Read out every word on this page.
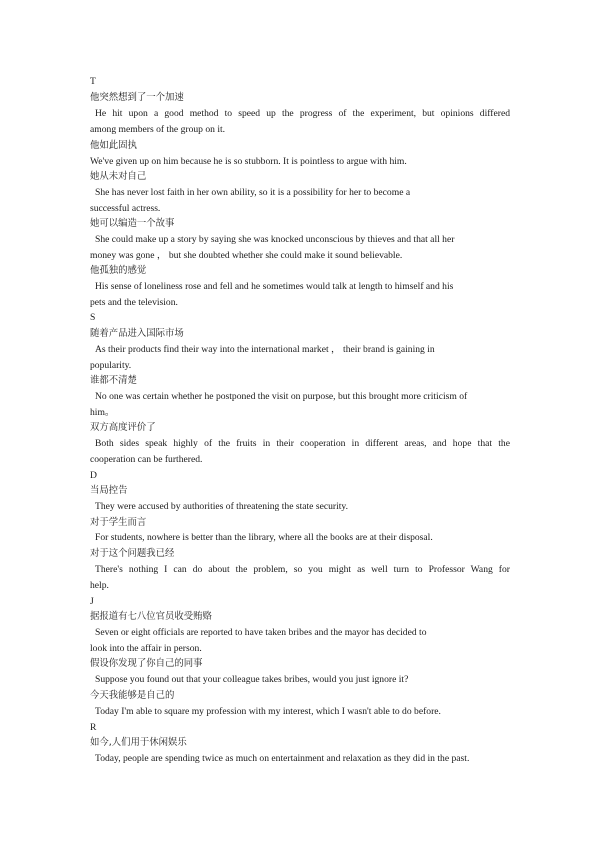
T
他突然想到了一个加速
He hit upon a good method to speed up the progress of the experiment, but opinions differed
among members of the group on it.
他如此固执
We've given up on him because he is so stubborn. It is pointless to argue with him.
她从未对自己
She has never lost faith in her own ability, so it is a possibility for her to become a
successful actress.
她可以编造一个故事
She could make up a story by saying she was knocked unconscious by thieves and that all her
money was gone ， but she doubted whether she could make it sound believable.
他孤独的感觉
His sense of loneliness rose and fell and he sometimes would talk at length to himself and his
pets and the television.
S
随着产品进入国际市场
As their products find their way into the international market ， their brand is gaining in
popularity.
谁都不清楚
No one was certain whether he postponed the visit on purpose, but this brought more criticism of
him。
双方高度评价了
Both sides speak highly of the fruits in their cooperation in different areas, and hope that the
cooperation can be furthered.
D
当局控告
They were accused by authorities of threatening the state security.
对于学生而言
For students, nowhere is better than the library, where all the books are at their disposal.
对于这个问题我已经
There's nothing I can do about the problem, so you might as well turn to Professor Wang for
help.
J
据报道有七八位官员收受贿赂
Seven or eight officials are reported to have taken bribes and the mayor has decided to
look into the affair in person.
假设你发现了你自己的同事
Suppose you found out that your colleague takes bribes, would you just ignore it?
今天我能够是自己的
Today I'm able to square my profession with my interest, which I wasn't able to do before.
R
如今,人们用于休闲娱乐
Today, people are spending twice as much on entertainment and relaxation as they did in the past.
